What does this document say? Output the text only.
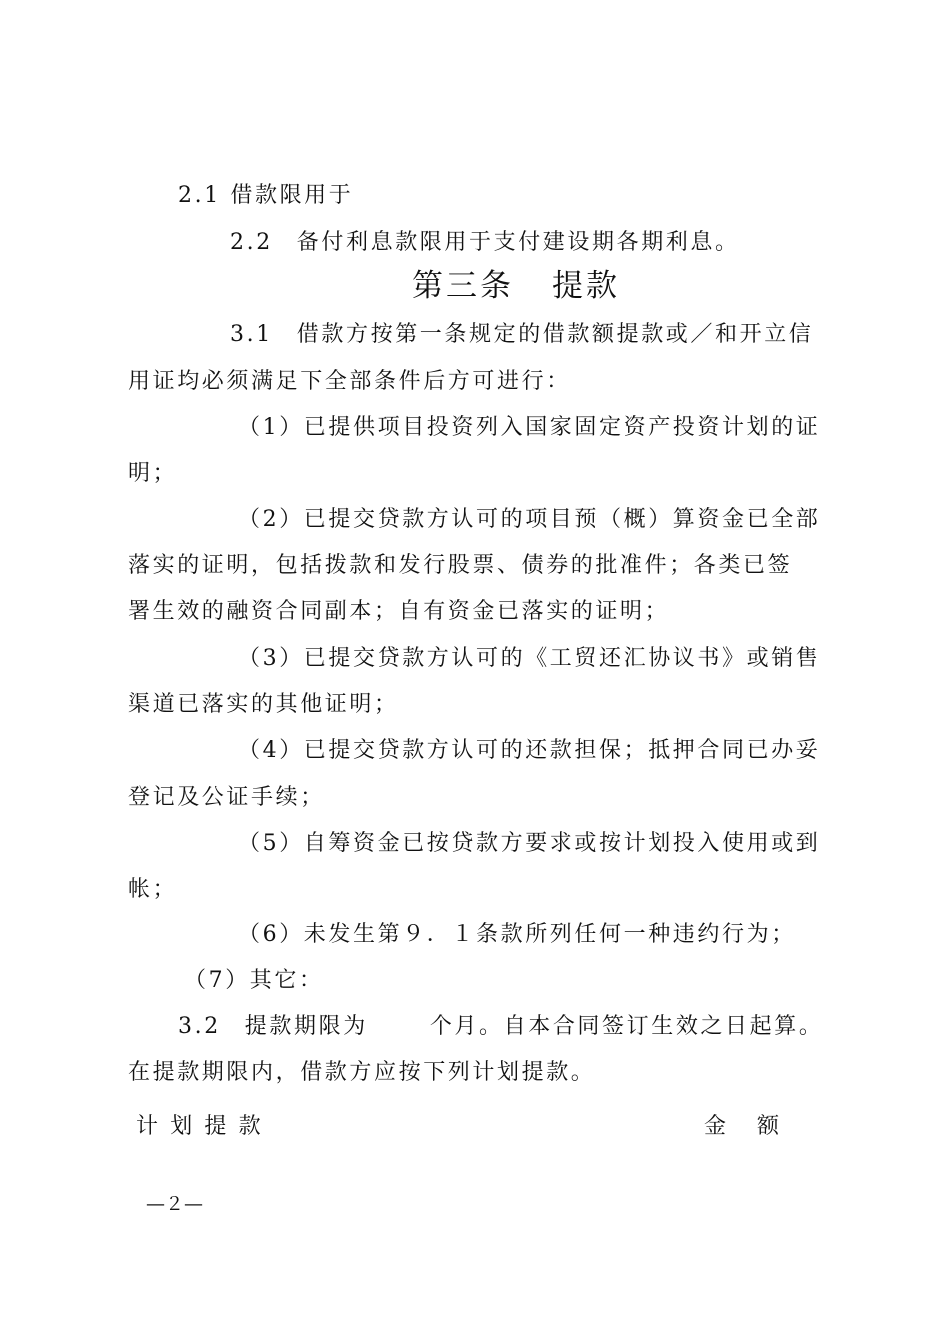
2.1 借款限用于
2.2 备付利息款限用于支付建设期各期利息。
第三条 提款
3.1 借款方按第一条规定的借款额提款或／和开立信
用证均必须满足下全部条件后方可进行：
（1）已提供项目投资列入国家固定资产投资计划的证
明；
（2）已提交贷款方认可的项目预（概）算资金已全部
落实的证明，包括拨款和发行股票、债券的批准件；各类已签
署生效的融资合同副本；自有资金已落实的证明；
（3）已提交贷款方认可的《工贸还汇协议书》或销售
渠道已落实的其他证明；
（4）已提交贷款方认可的还款担保；抵押合同已办妥
登记及公证手续；
（5）自筹资金已按贷款方要求或按计划投入使用或到
帐；
（6）未发生第９．１条款所列任何一种违约行为；
（7）其它：
3.2 提款期限为	个月。自本合同签订生效之日起算。
在提款期限内，借款方应按下列计划提款。
计 划 提 款	金 额
—２—
